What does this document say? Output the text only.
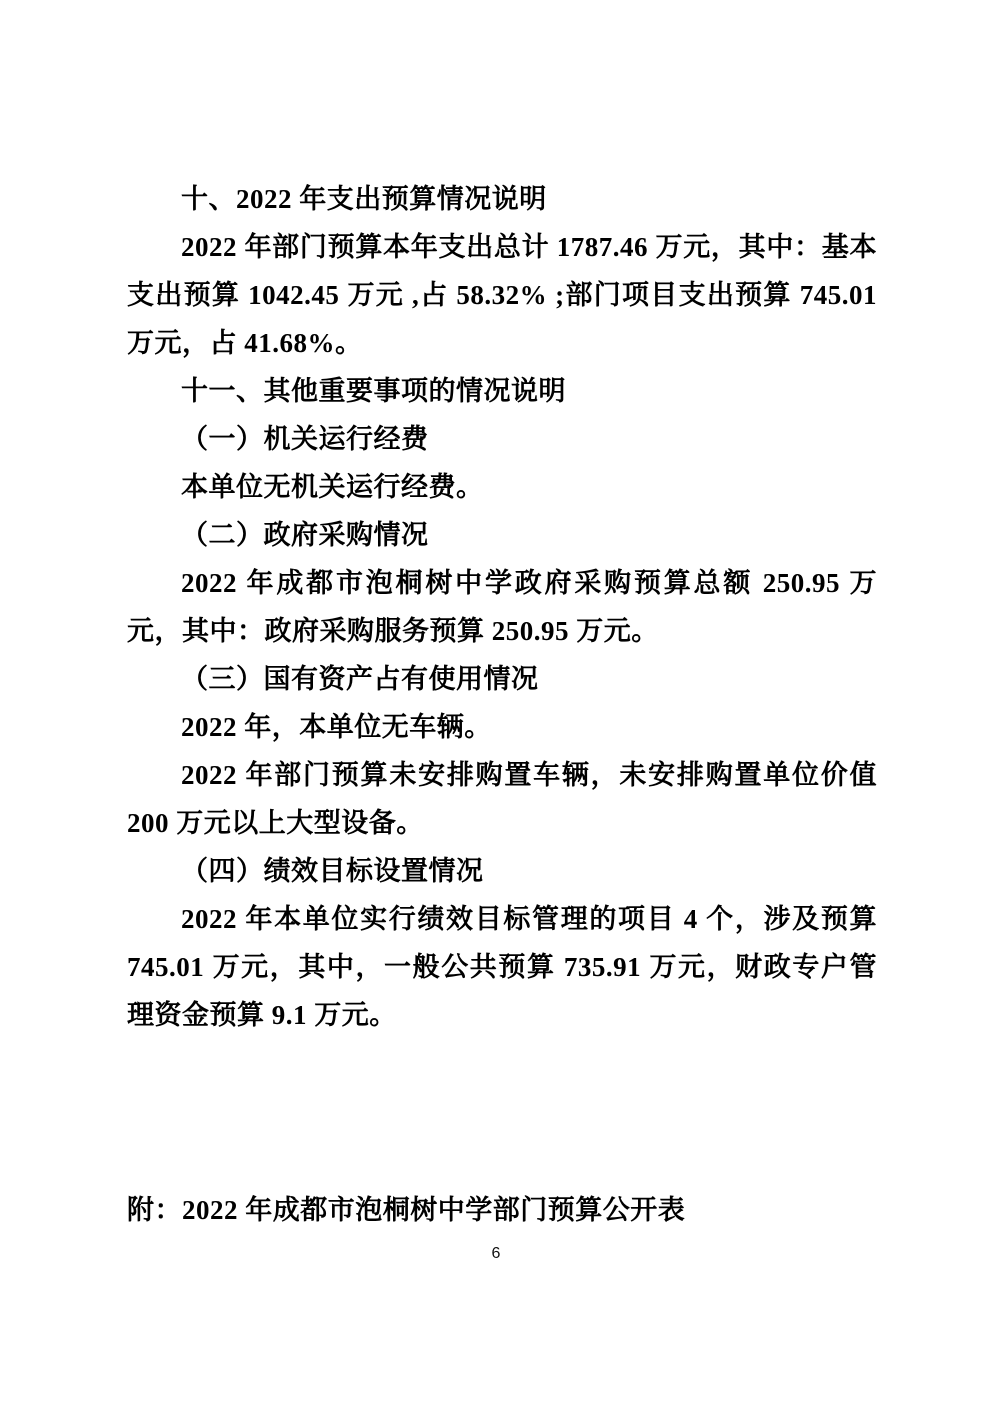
十、2022 年支出预算情况说明

2022 年部门预算本年支出总计 1787.46 万元，其中：基本支出预算 1042.45 万元 ,占 58.32% ;部门项目支出预算 745.01 万元，占 41.68%。

十一、其他重要事项的情况说明

（一）机关运行经费

本单位无机关运行经费。

（二）政府采购情况

2022 年成都市泡桐树中学政府采购预算总额 250.95 万元，其中：政府采购服务预算 250.95 万元。

（三）国有资产占有使用情况

2022 年，本单位无车辆。

2022 年部门预算未安排购置车辆，未安排购置单位价值 200 万元以上大型设备。

（四）绩效目标设置情况

2022 年本单位实行绩效目标管理的项目 4 个，涉及预算 745.01 万元，其中，一般公共预算 735.91 万元，财政专户管理资金预算 9.1 万元。

附：2022 年成都市泡桐树中学部门预算公开表
6
